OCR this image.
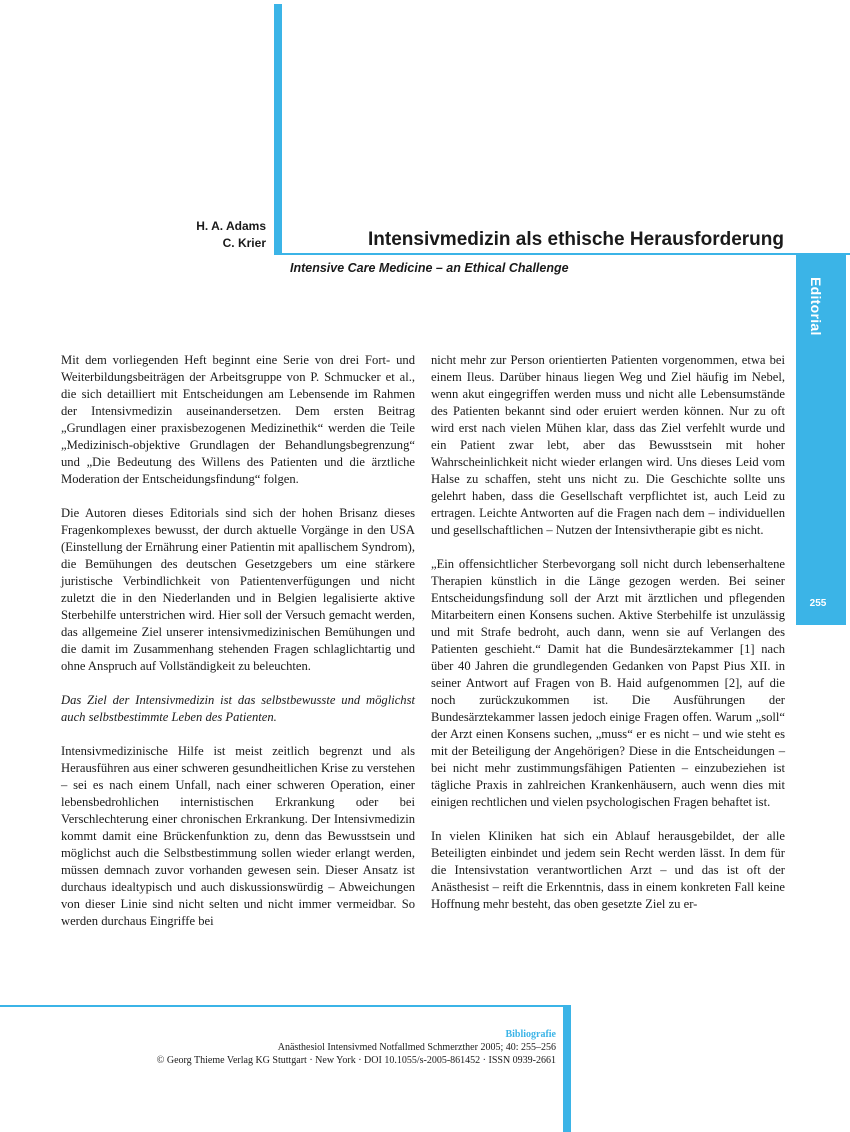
H. A. Adams
C. Krier	Intensivmedizin als ethische Herausforderung
Intensive Care Medicine – an Ethical Challenge
Editorial
255

Mit dem vorliegenden Heft beginnt eine Serie von drei Fort- und Weiterbildungsbeiträgen der Arbeitsgruppe von P. Schmucker et al., die sich detailliert mit Entscheidungen am Lebensende im Rahmen der Intensivmedizin auseinandersetzen. Dem ersten Beitrag „Grundlagen einer praxisbezogenen Medizinethik“ werden die Teile „Medizinisch-objektive Grundlagen der Behandlungsbegrenzung“ und „Die Bedeutung des Willens des Patienten und die ärztliche Moderation der Entscheidungsfindung“ folgen.

Die Autoren dieses Editorials sind sich der hohen Brisanz dieses Fragenkomplexes bewusst, der durch aktuelle Vorgänge in den USA (Einstellung der Ernährung einer Patientin mit apallischem Syndrom), die Bemühungen des deutschen Gesetzgebers um eine stärkere juristische Verbindlichkeit von Patientenverfügungen und nicht zuletzt die in den Niederlanden und in Belgien legalisierte aktive Sterbehilfe unterstrichen wird. Hier soll der Versuch gemacht werden, das allgemeine Ziel unserer intensivmedizinischen Bemühungen und die damit im Zusammenhang stehenden Fragen schlaglichtartig und ohne Anspruch auf Vollständigkeit zu beleuchten.

Das Ziel der Intensivmedizin ist das selbstbewusste und möglichst auch selbstbestimmte Leben des Patienten.

Intensivmedizinische Hilfe ist meist zeitlich begrenzt und als Herausführen aus einer schweren gesundheitlichen Krise zu verstehen – sei es nach einem Unfall, nach einer schweren Operation, einer lebensbedrohlichen internistischen Erkrankung oder bei Verschlechterung einer chronischen Erkrankung. Der Intensivmedizin kommt damit eine Brückenfunktion zu, denn das Bewusstsein und möglichst auch die Selbstbestimmung sollen wieder erlangt werden, müssen demnach zuvor vorhanden gewesen sein. Dieser Ansatz ist durchaus idealtypisch und auch diskussionswürdig – Abweichungen von dieser Linie sind nicht selten und nicht immer vermeidbar. So werden durchaus Eingriffe bei

nicht mehr zur Person orientierten Patienten vorgenommen, etwa bei einem Ileus. Darüber hinaus liegen Weg und Ziel häufig im Nebel, wenn akut eingegriffen werden muss und nicht alle Lebensumstände des Patienten bekannt sind oder eruiert werden können. Nur zu oft wird erst nach vielen Mühen klar, dass das Ziel verfehlt wurde und ein Patient zwar lebt, aber das Bewusstsein mit hoher Wahrscheinlichkeit nicht wieder erlangen wird. Uns dieses Leid vom Halse zu schaffen, steht uns nicht zu. Die Geschichte sollte uns gelehrt haben, dass die Gesellschaft verpflichtet ist, auch Leid zu ertragen. Leichte Antworten auf die Fragen nach dem – individuellen und gesellschaftlichen – Nutzen der Intensivtherapie gibt es nicht.

„Ein offensichtlicher Sterbevorgang soll nicht durch lebenserhaltene Therapien künstlich in die Länge gezogen werden. Bei seiner Entscheidungsfindung soll der Arzt mit ärztlichen und pflegenden Mitarbeitern einen Konsens suchen. Aktive Sterbehilfe ist unzulässig und mit Strafe bedroht, auch dann, wenn sie auf Verlangen des Patienten geschieht.“ Damit hat die Bundesärztekammer [1] nach über 40 Jahren die grundlegenden Gedanken von Papst Pius XII. in seiner Antwort auf Fragen von B. Haid aufgenommen [2], auf die noch zurückzukommen ist. Die Ausführungen der Bundesärztekammer lassen jedoch einige Fragen offen. Warum „soll“ der Arzt einen Konsens suchen, „muss“ er es nicht – und wie steht es mit der Beteiligung der Angehörigen? Diese in die Entscheidungen – bei nicht mehr zustimmungsfähigen Patienten – einzubeziehen ist tägliche Praxis in zahlreichen Krankenhäusern, auch wenn dies mit einigen rechtlichen und vielen psychologischen Fragen behaftet ist.

In vielen Kliniken hat sich ein Ablauf herausgebildet, der alle Beteiligten einbindet und jedem sein Recht werden lässt. In dem für die Intensivstation verantwortlichen Arzt – und das ist oft der Anästhesist – reift die Erkenntnis, dass in einem konkreten Fall keine Hoffnung mehr besteht, das oben gesetzte Ziel zu er-

Bibliografie
Anästhesiol Intensivmed Notfallmed Schmerzther 2005; 40: 255–256
© Georg Thieme Verlag KG Stuttgart · New York · DOI 10.1055/s-2005-861452 · ISSN 0939-2661
